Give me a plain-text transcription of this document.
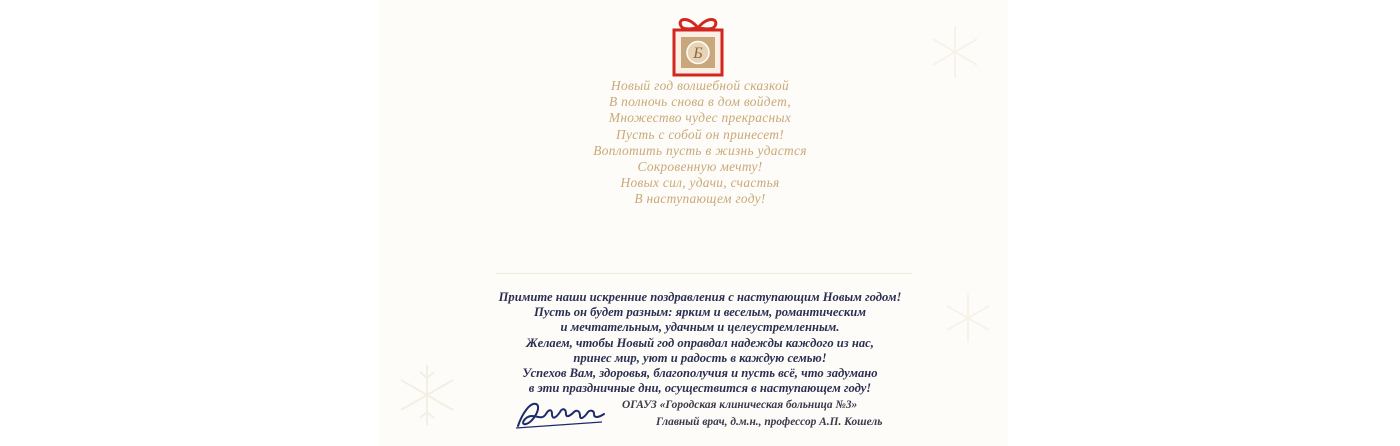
Б
Новый год волшебной сказкой
В полночь снова в дом войдет,
Множество чудес прекрасных
Пусть с собой он принесет!
Воплотить пусть в жизнь удастся
Сокровенную мечту!
Новых сил, удачи, счастья
В наступающем году!
Примите наши искренние поздравления с наступающим Новым годом!
Пусть он будет разным: ярким и веселым, романтическим
и мечтательным, удачным и целеустремленным.
Желаем, чтобы Новый год оправдал надежды каждого из нас,
принес мир, уют и радость в каждую семью!
Успехов Вам, здоровья, благополучия и пусть всё, что задумано
в эти праздничные дни, осуществится в наступающем году!
ОГАУЗ «Городская клиническая больница №3»
Главный врач, д.м.н., профессор А.П. Кошель
